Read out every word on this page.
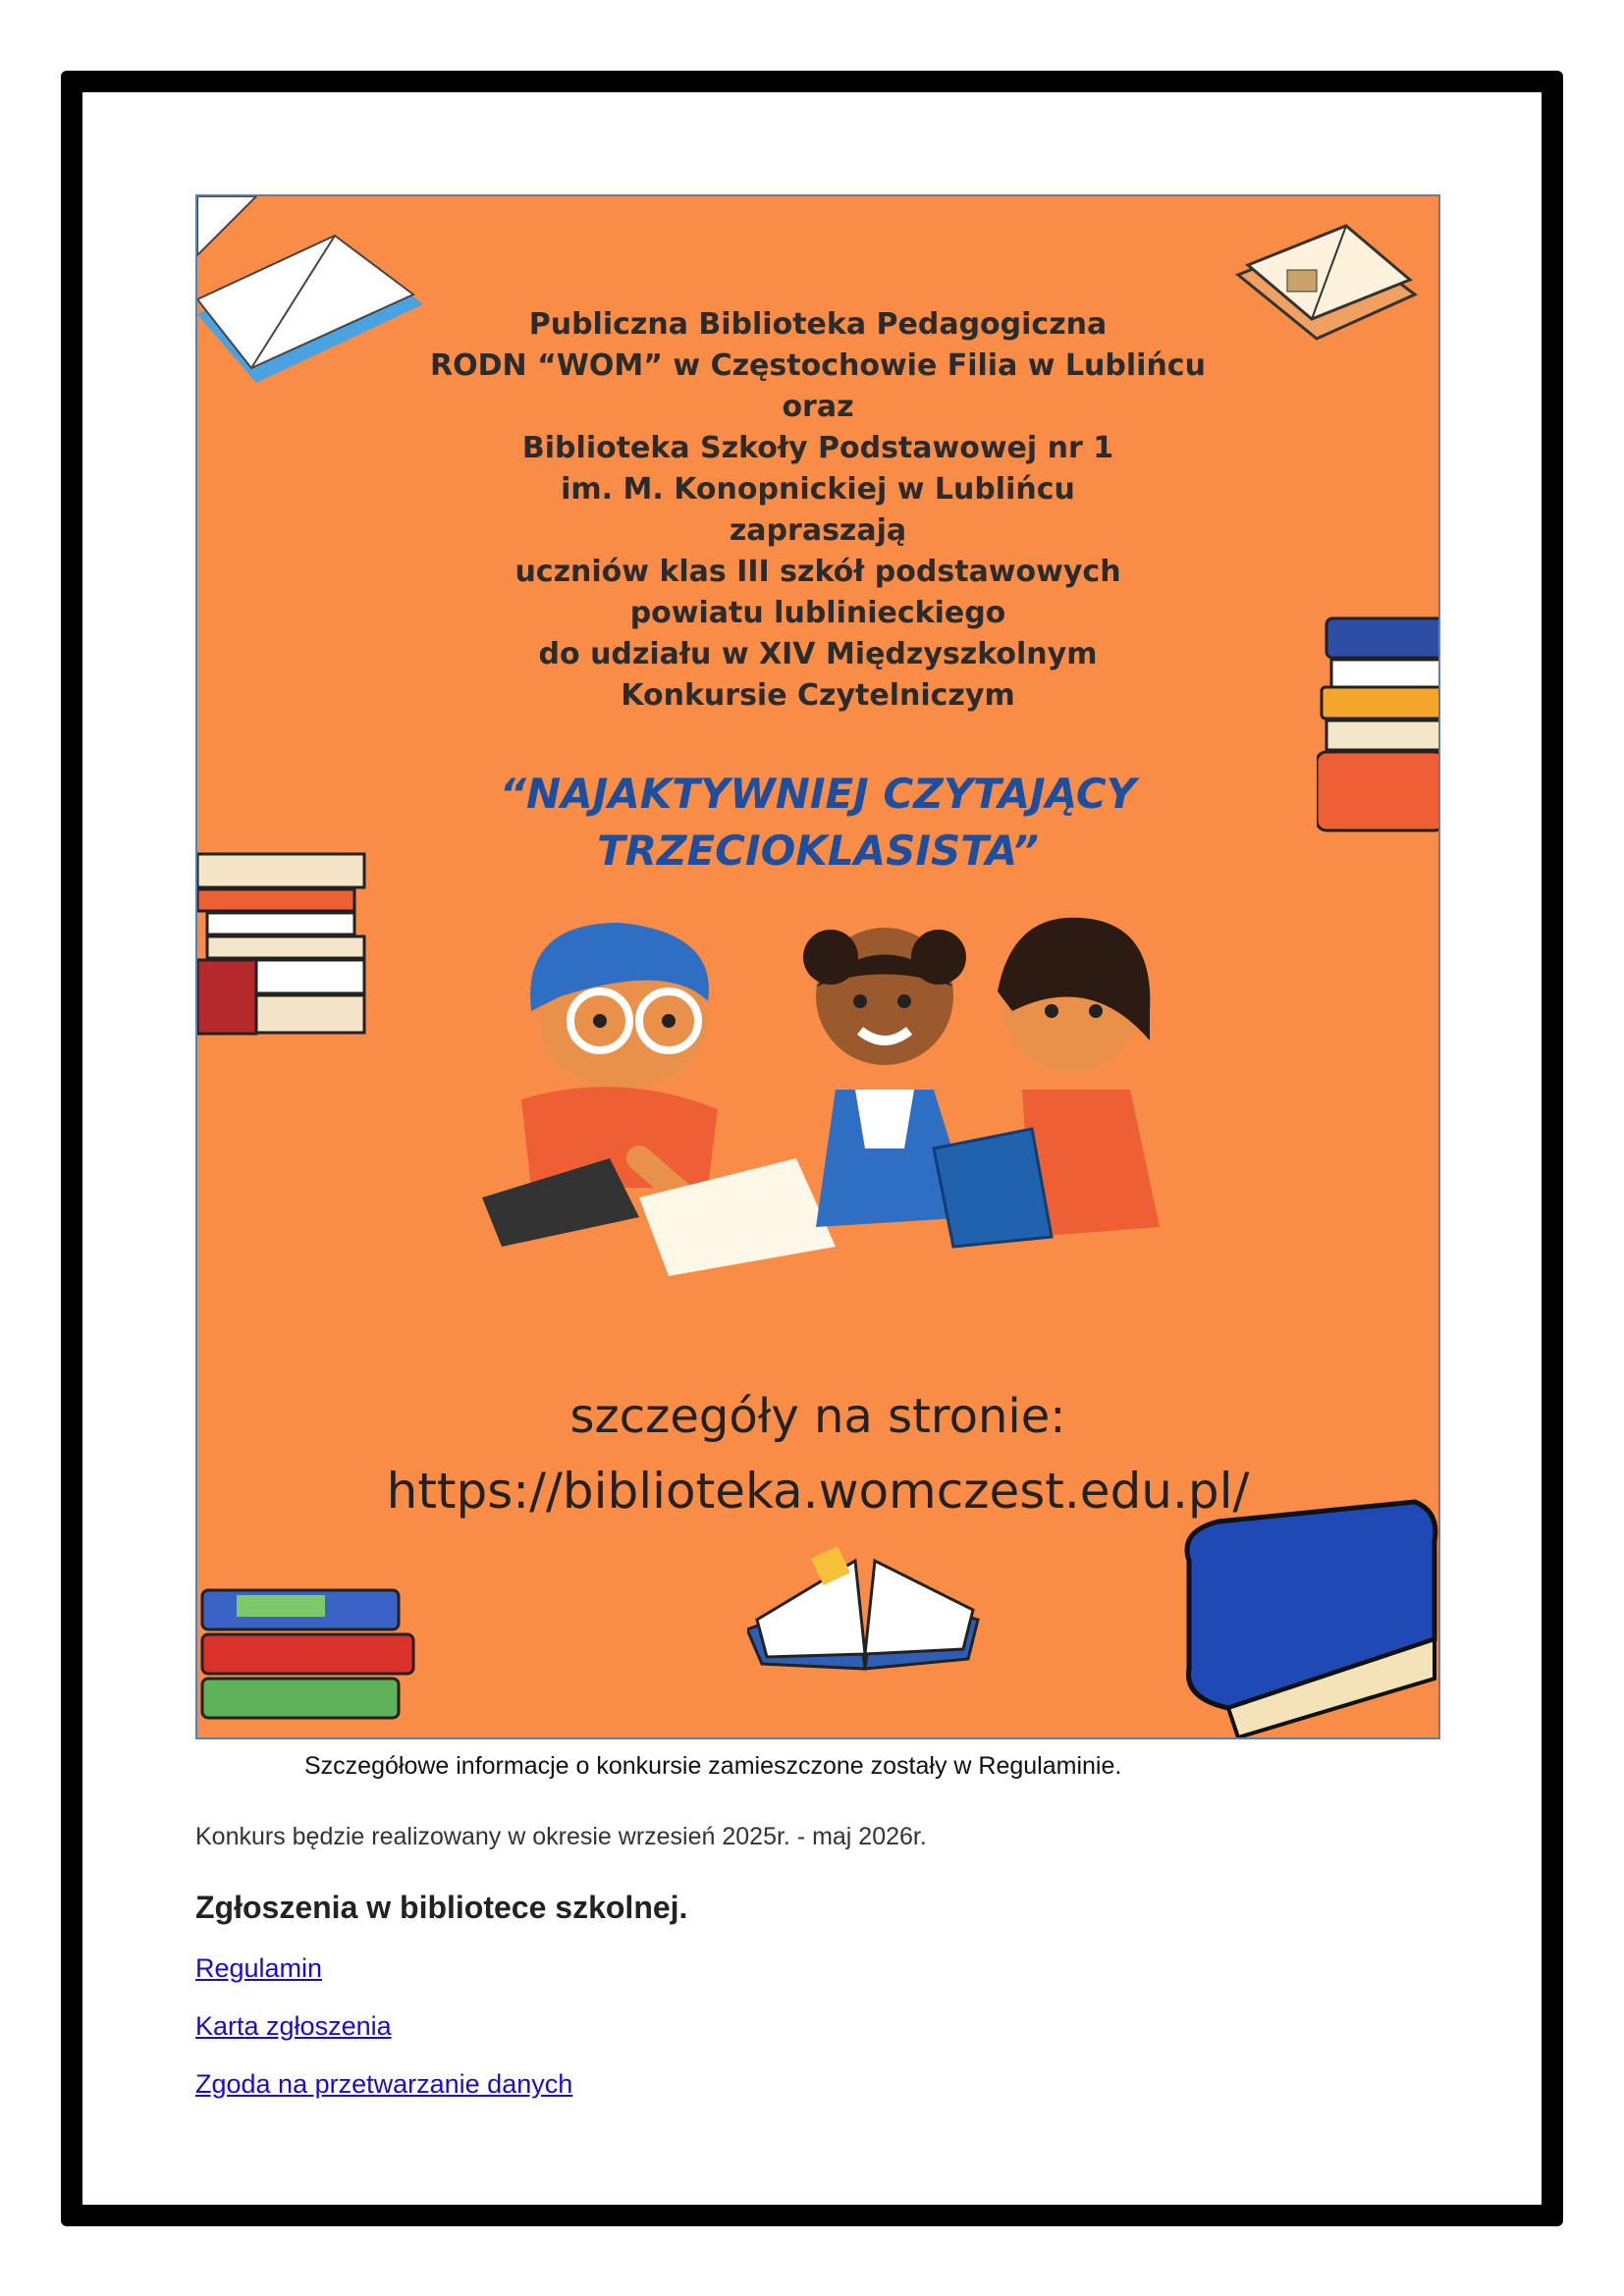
Publiczna Biblioteka Pedagogiczna
RODN “WOM” w Częstochowie Filia w Lublińcu
oraz
Biblioteka Szkoły Podstawowej nr 1
im. M. Konopnickiej w Lublińcu
zapraszają
uczniów klas III szkół podstawowych
powiatu lublinieckiego
do udziału w XIV Międzyszkolnym
Konkursie Czytelniczym
“NAJAKTYWNIEJ CZYTAJĄCY
TRZECIOKLASISTA”
szczegóły na stronie:
https://biblioteka.womczest.edu.pl/
Szczegółowe informacje o konkursie zamieszczone zostały w Regulaminie.
Konkurs będzie realizowany w okresie wrzesień 2025r. - maj 2026r.
Zgłoszenia w bibliotece szkolnej.
Regulamin
Karta zgłoszenia
Zgoda na przetwarzanie danych
